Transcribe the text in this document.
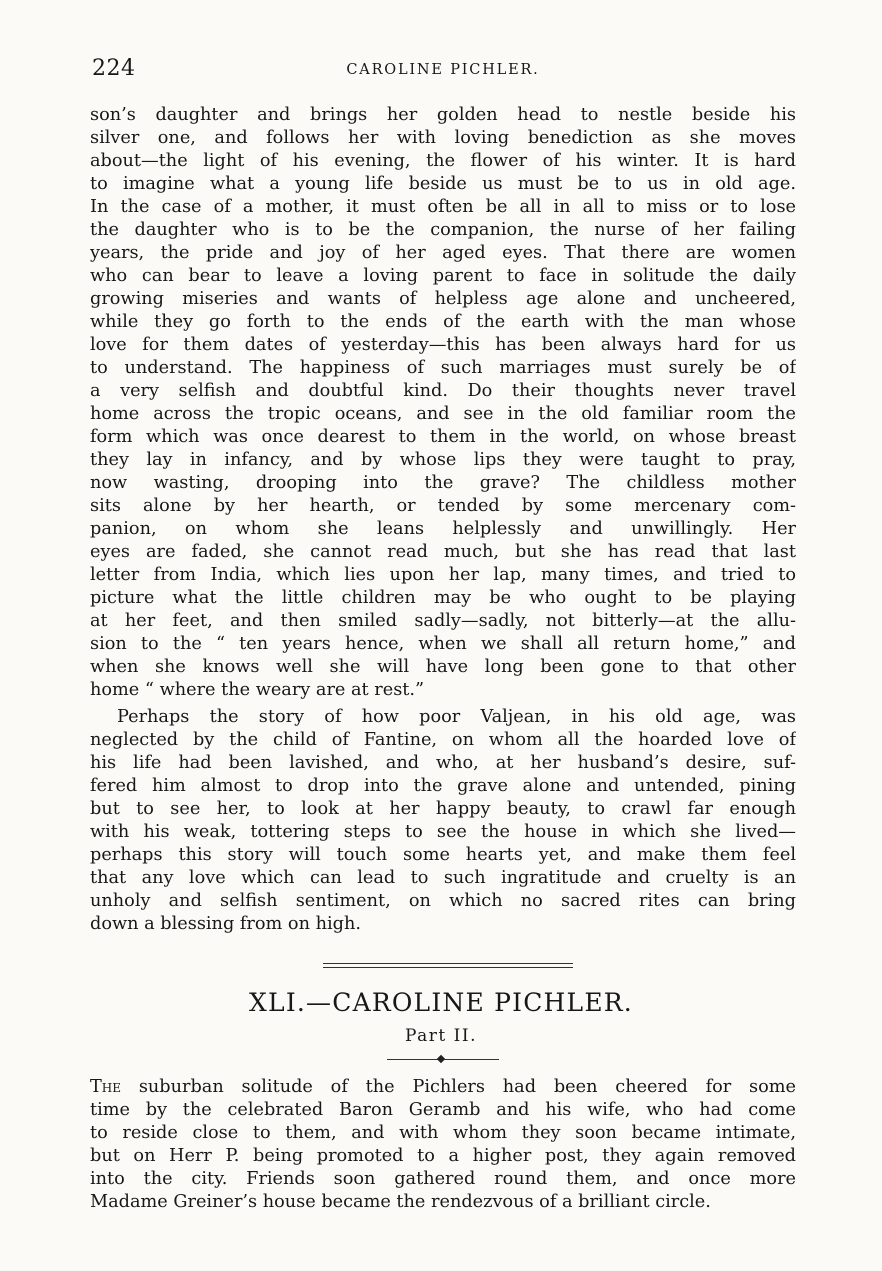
224	CAROLINE PICHLER.
son’s daughter and brings her golden head to nestle beside his
silver one, and follows her with loving benediction as she moves
about—the light of his evening, the flower of his winter. It is hard
to imagine what a young life beside us must be to us in old age.
In the case of a mother, it must often be all in all to miss or to lose
the daughter who is to be the companion, the nurse of her failing
years, the pride and joy of her aged eyes. That there are women
who can bear to leave a loving parent to face in solitude the daily
growing miseries and wants of helpless age alone and uncheered,
while they go forth to the ends of the earth with the man whose
love for them dates of yesterday—this has been always hard for us
to understand. The happiness of such marriages must surely be of
a very selfish and doubtful kind. Do their thoughts never travel
home across the tropic oceans, and see in the old familiar room the
form which was once dearest to them in the world, on whose breast
they lay in infancy, and by whose lips they were taught to pray,
now wasting, drooping into the grave? The childless mother
sits alone by her hearth, or tended by some mercenary com-
panion, on whom she leans helplessly and unwillingly. Her
eyes are faded, she cannot read much, but she has read that last
letter from India, which lies upon her lap, many times, and tried to
picture what the little children may be who ought to be playing
at her feet, and then smiled sadly—sadly, not bitterly—at the allu-
sion to the “ ten years hence, when we shall all return home,” and
when she knows well she will have long been gone to that other
home “ where the weary are at rest.”
Perhaps the story of how poor Valjean, in his old age, was
neglected by the child of Fantine, on whom all the hoarded love of
his life had been lavished, and who, at her husband’s desire, suf-
fered him almost to drop into the grave alone and untended, pining
but to see her, to look at her happy beauty, to crawl far enough
with his weak, tottering steps to see the house in which she lived—
perhaps this story will touch some hearts yet, and make them feel
that any love which can lead to such ingratitude and cruelty is an
unholy and selfish sentiment, on which no sacred rites can bring
down a blessing from on high.
XLI.—CAROLINE PICHLER.
Part II.
The suburban solitude of the Pichlers had been cheered for some
time by the celebrated Baron Geramb and his wife, who had come
to reside close to them, and with whom they soon became intimate,
but on Herr P. being promoted to a higher post, they again removed
into the city. Friends soon gathered round them, and once more
Madame Greiner’s house became the rendezvous of a brilliant circle.
